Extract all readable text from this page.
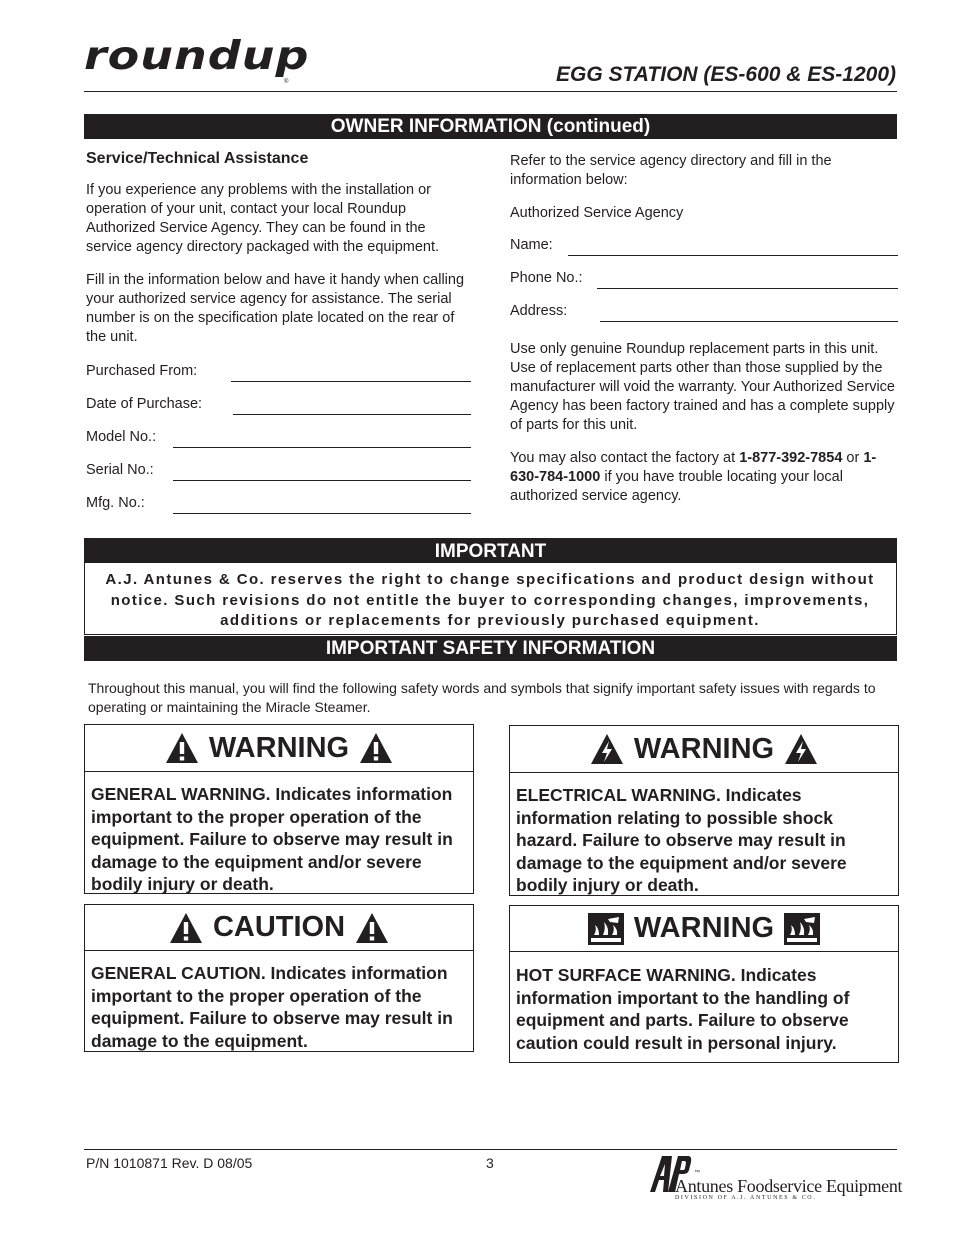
roundup
®	EGG STATION (ES-600 & ES-1200)
OWNER INFORMATION (continued)
Service/Technical Assistance
If you experience any problems with the installation or operation of your unit, contact your local Roundup Authorized Service Agency. They can be found in the service agency directory packaged with the equipment.
Fill in the information below and have it handy when calling your authorized service agency for assistance. The serial number is on the specification plate located on the rear of the unit.
Purchased From:
Date of Purchase:
Model No.:
Serial No.:
Mfg. No.:
Refer to the service agency directory and fill in the information below:
Authorized Service Agency
Name:
Phone No.:
Address:
Use only genuine Roundup replacement parts in this unit. Use of replacement parts other than those supplied by the manufacturer will void the warranty. Your Authorized Service Agency has been factory trained and has a complete supply of parts for this unit.
You may also contact the factory at 1-877-392-7854 or 1-630-784-1000 if you have trouble locating your local authorized service agency.
IMPORTANT
A.J. Antunes & Co. reserves the right to change specifications and product design without notice. Such revisions do not entitle the buyer to corresponding changes, improvements, additions or replacements for previously purchased equipment.
IMPORTANT SAFETY INFORMATION
Throughout this manual, you will find the following safety words and symbols that signify important safety issues with regards to operating or maintaining the Miracle Steamer.
WARNING
GENERAL WARNING. Indicates information important to the proper operation of the equipment. Failure to observe may result in damage to the equipment and/or severe bodily injury or death.
WARNING
ELECTRICAL WARNING. Indicates information relating to possible shock hazard. Failure to observe may result in damage to the equipment and/or severe bodily injury or death.
CAUTION
GENERAL CAUTION. Indicates information important to the proper operation of the equipment. Failure to observe may result in damage to the equipment.
WARNING
HOT SURFACE WARNING. Indicates information important to the handling of equipment and parts. Failure to observe caution could result in personal injury.
P/N 1010871 Rev. D 08/05	3
™
Antunes Foodservice Equipment
DIVISION OF A.J. ANTUNES & CO.
